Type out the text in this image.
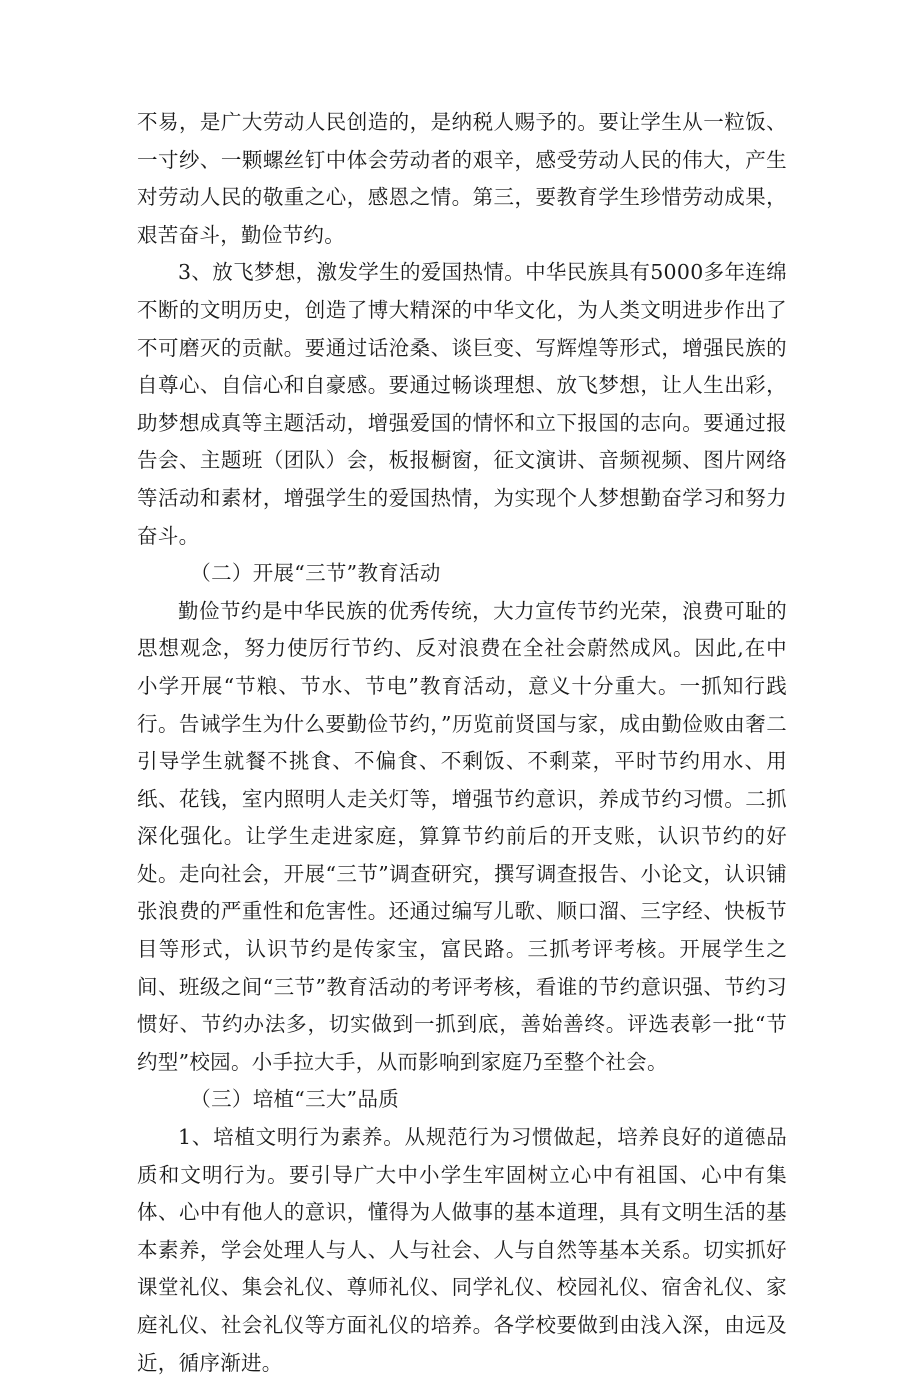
不易，是广大劳动人民创造的，是纳税人赐予的。要让学生从一粒饭、一寸纱、一颗螺丝钉中体会劳动者的艰辛，感受劳动人民的伟大，产生对劳动人民的敬重之心，感恩之情。第三，要教育学生珍惜劳动成果，艰苦奋斗，勤俭节约。

3、放飞梦想，激发学生的爱国热情。中华民族具有5000多年连绵不断的文明历史，创造了博大精深的中华文化，为人类文明进步作出了不可磨灭的贡献。要通过话沧桑、谈巨变、写辉煌等形式，增强民族的自尊心、自信心和自豪感。要通过畅谈理想、放飞梦想，让人生出彩，助梦想成真等主题活动，增强爱国的情怀和立下报国的志向。要通过报告会、主题班（团队）会，板报橱窗，征文演讲、音频视频、图片网络等活动和素材，增强学生的爱国热情，为实现个人梦想勤奋学习和努力奋斗。

（二）开展“三节”教育活动

勤俭节约是中华民族的优秀传统，大力宣传节约光荣，浪费可耻的思想观念，努力使厉行节约、反对浪费在全社会蔚然成风。因此,在中小学开展“节粮、节水、节电”教育活动，意义十分重大。一抓知行践行。告诫学生为什么要勤俭节约，”历览前贤国与家，成由勤俭败由奢二引导学生就餐不挑食、不偏食、不剩饭、不剩菜，平时节约用水、用纸、花钱，室内照明人走关灯等，增强节约意识，养成节约习惯。二抓深化强化。让学生走进家庭，算算节约前后的开支账，认识节约的好处。走向社会，开展“三节”调查研究，撰写调查报告、小论文，认识铺张浪费的严重性和危害性。还通过编写儿歌、顺口溜、三字经、快板节目等形式，认识节约是传家宝，富民路。三抓考评考核。开展学生之间、班级之间“三节”教育活动的考评考核，看谁的节约意识强、节约习惯好、节约办法多，切实做到一抓到底，善始善终。评选表彰一批“节约型”校园。小手拉大手，从而影响到家庭乃至整个社会。

（三）培植“三大”品质

1、培植文明行为素养。从规范行为习惯做起，培养良好的道德品质和文明行为。要引导广大中小学生牢固树立心中有祖国、心中有集体、心中有他人的意识，懂得为人做事的基本道理，具有文明生活的基本素养，学会处理人与人、人与社会、人与自然等基本关系。切实抓好课堂礼仪、集会礼仪、尊师礼仪、同学礼仪、校园礼仪、宿舍礼仪、家庭礼仪、社会礼仪等方面礼仪的培养。各学校要做到由浅入深，由远及近，循序渐进。
